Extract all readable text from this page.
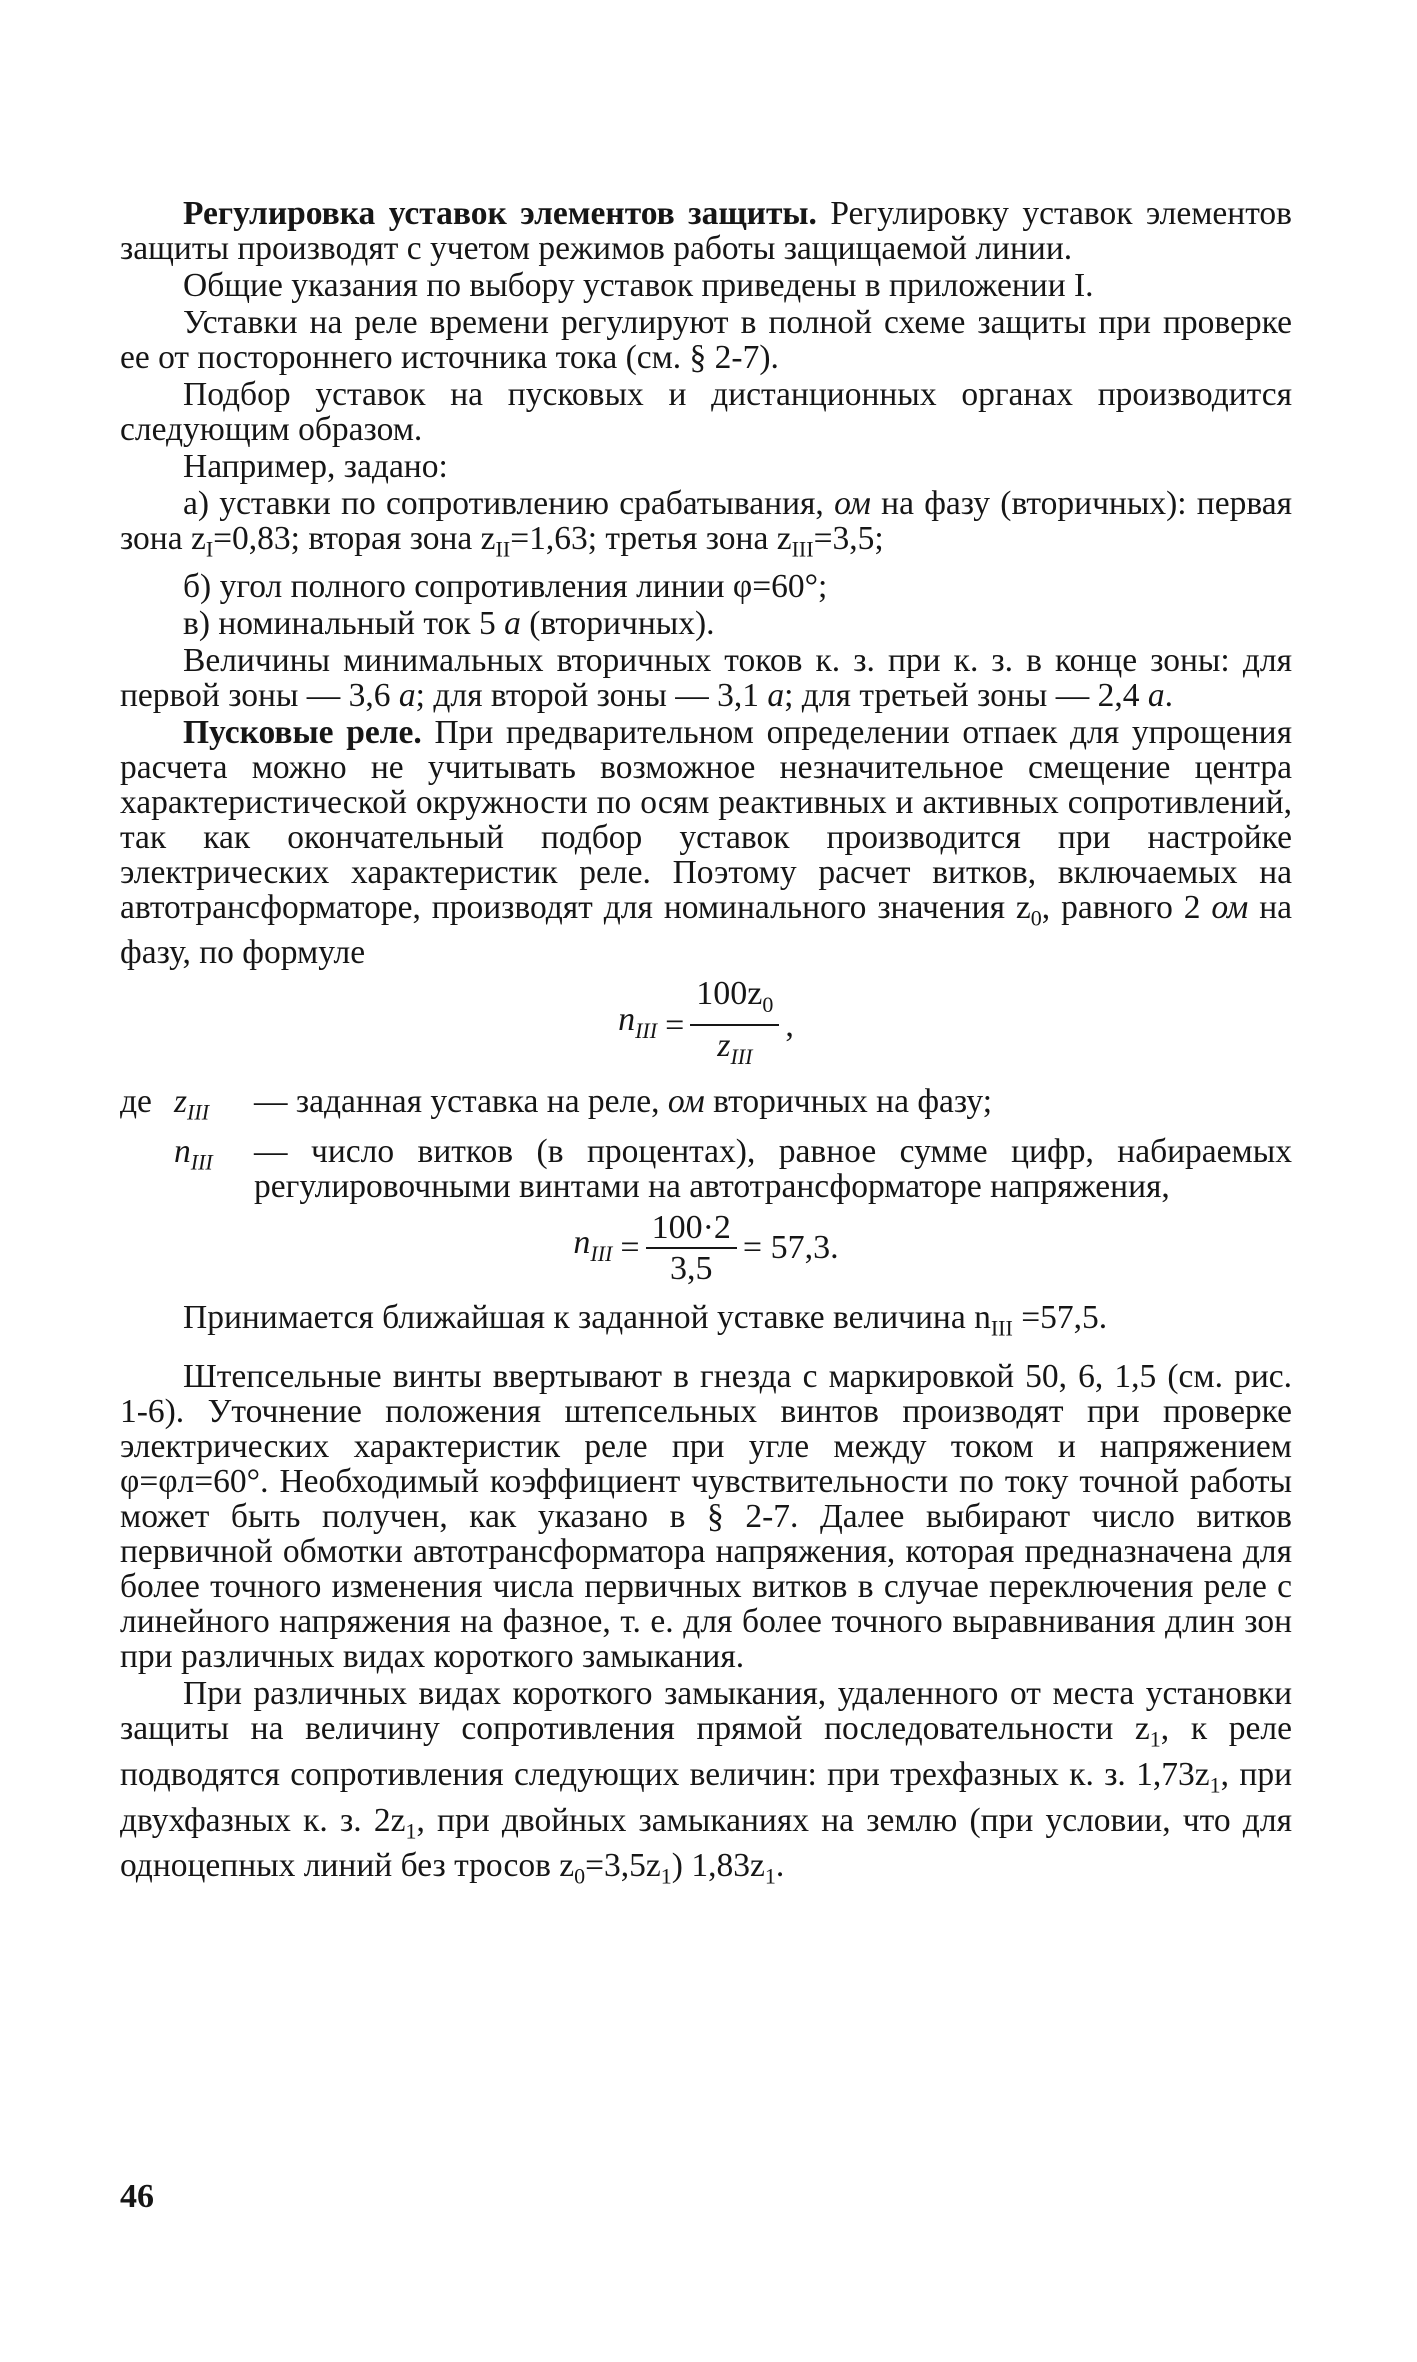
Регулировка уставок элементов защиты. Регулировку уставок элементов защиты производят с учетом режимов работы защищаемой линии.

Общие указания по выбору уставок приведены в приложении I.

Уставки на реле времени регулируют в полной схеме защиты при проверке ее от постороннего источника тока (см. § 2-7).

Подбор уставок на пусковых и дистанционных органах производится следующим образом.

Например, задано:

а) уставки по сопротивлению срабатывания, ом на фазу (вторичных): первая зона $z_I=0,83$; вторая зона $z_{II}=1,63$; третья зона $z_{III}=3,5$;

б) угол полного сопротивления линии φ=60°;

в) номинальный ток 5 а (вторичных).

Величины минимальных вторичных токов к. з. при к. з. в конце зоны: для первой зоны — 3,6 а; для второй зоны — 3,1 а; для третьей зоны — 2,4 а.

Пусковые реле. При предварительном определении отпаек для упрощения расчета можно не учитывать возможное незначительное смещение центра характеристической окружности по осям реактивных и активных сопротивлений, так как окончательный подбор уставок производится при настройке электрических характеристик реле. Поэтому расчет витков, включаемых на автотрансформаторе, производят для номинального значения $z_0$, равного 2 ом на фазу, по формуле

$n_{III} = \frac{100z_0}{z_{III}}$ ,
де $z_{III}$	— заданная уставка на реле, ом вторичных на фазу;
$n_{III}$	— число витков (в процентах), равное сумме цифр, набираемых регулировочными винтами на автотрансформаторе напряжения,
$n_{III} = \frac{100\cdot 2}{3,5} = 57,3$.

Принимается ближайшая к заданной уставке величина $n_{III} =57,5$.

Штепсельные винты ввертывают в гнезда с маркировкой 50, 6, 1,5 (см. рис. 1-6). Уточнение положения штепсельных винтов производят при проверке электрических характеристик реле при угле между током и напряжением φ=φл=60°. Необходимый коэффициент чувствительности по току точной работы может быть получен, как указано в § 2-7. Далее выбирают число витков первичной обмотки автотрансформатора напряжения, которая предназначена для более точного изменения числа первичных витков в случае переключения реле с линейного напряжения на фазное, т. е. для более точного выравнивания длин зон при различных видах короткого замыкания.

При различных видах короткого замыкания, удаленного от места установки защиты на величину сопротивления прямой последовательности $z_1$, к реле подводятся сопротивления следующих величин: при трехфазных к. з. $1,73z_1$, при двухфазных к. з. $2z_1$, при двойных замыканиях на землю (при условии, что для одноцепных линий без тросов $z_0=3,5z_1$) $1,83z_1$.

46
